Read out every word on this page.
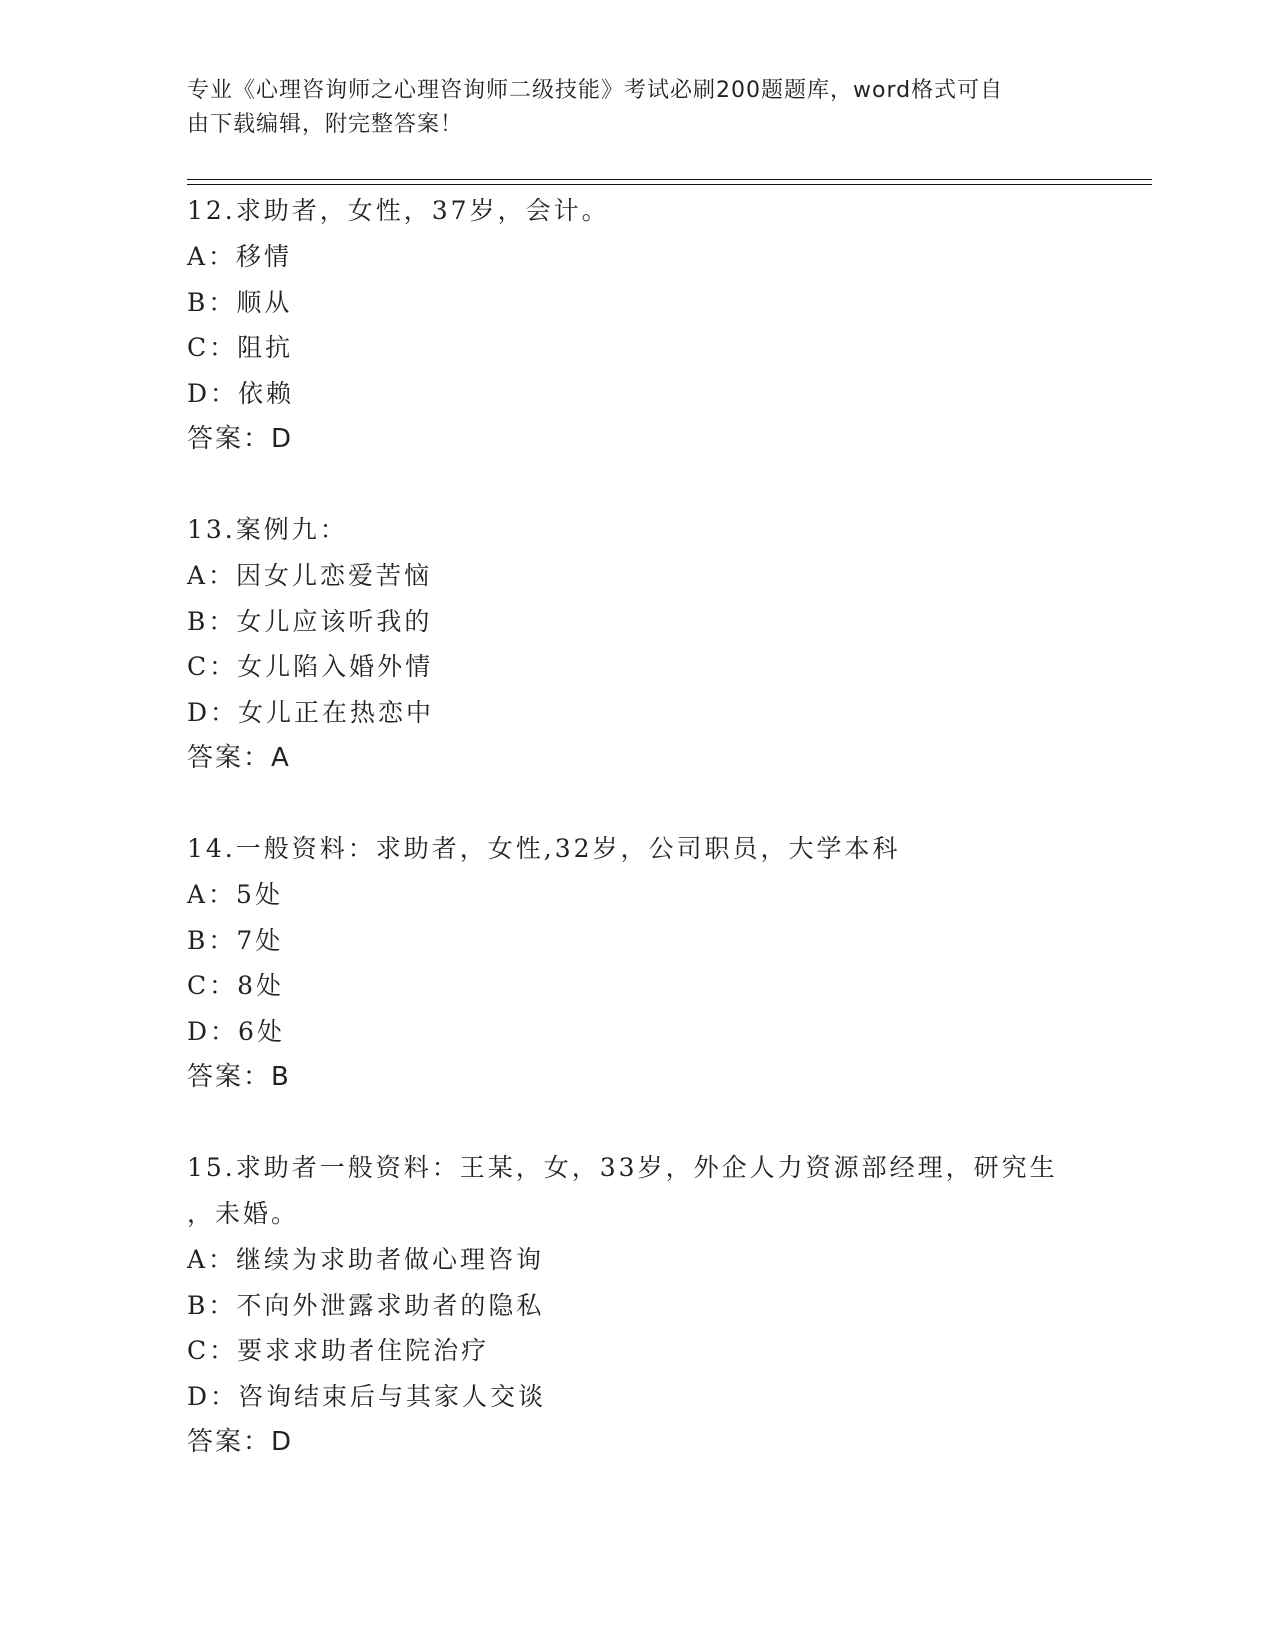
专业《心理咨询师之心理咨询师二级技能》考试必刷200题题库，word格式可自
由下载编辑，附完整答案！
12.求助者，女性，37岁，会计。
A：移情
B：顺从
C：阻抗
D：依赖
答案：D
13.案例九：
A：因女儿恋爱苦恼
B：女儿应该听我的
C：女儿陷入婚外情
D：女儿正在热恋中
答案：A
14.一般资料：求助者，女性,32岁，公司职员，大学本科
A：5处
B：7处
C：8处
D：6处
答案：B
15.求助者一般资料：王某，女，33岁，外企人力资源部经理，研究生
，未婚。
A：继续为求助者做心理咨询
B：不向外泄露求助者的隐私
C：要求求助者住院治疗
D：咨询结束后与其家人交谈
答案：D
